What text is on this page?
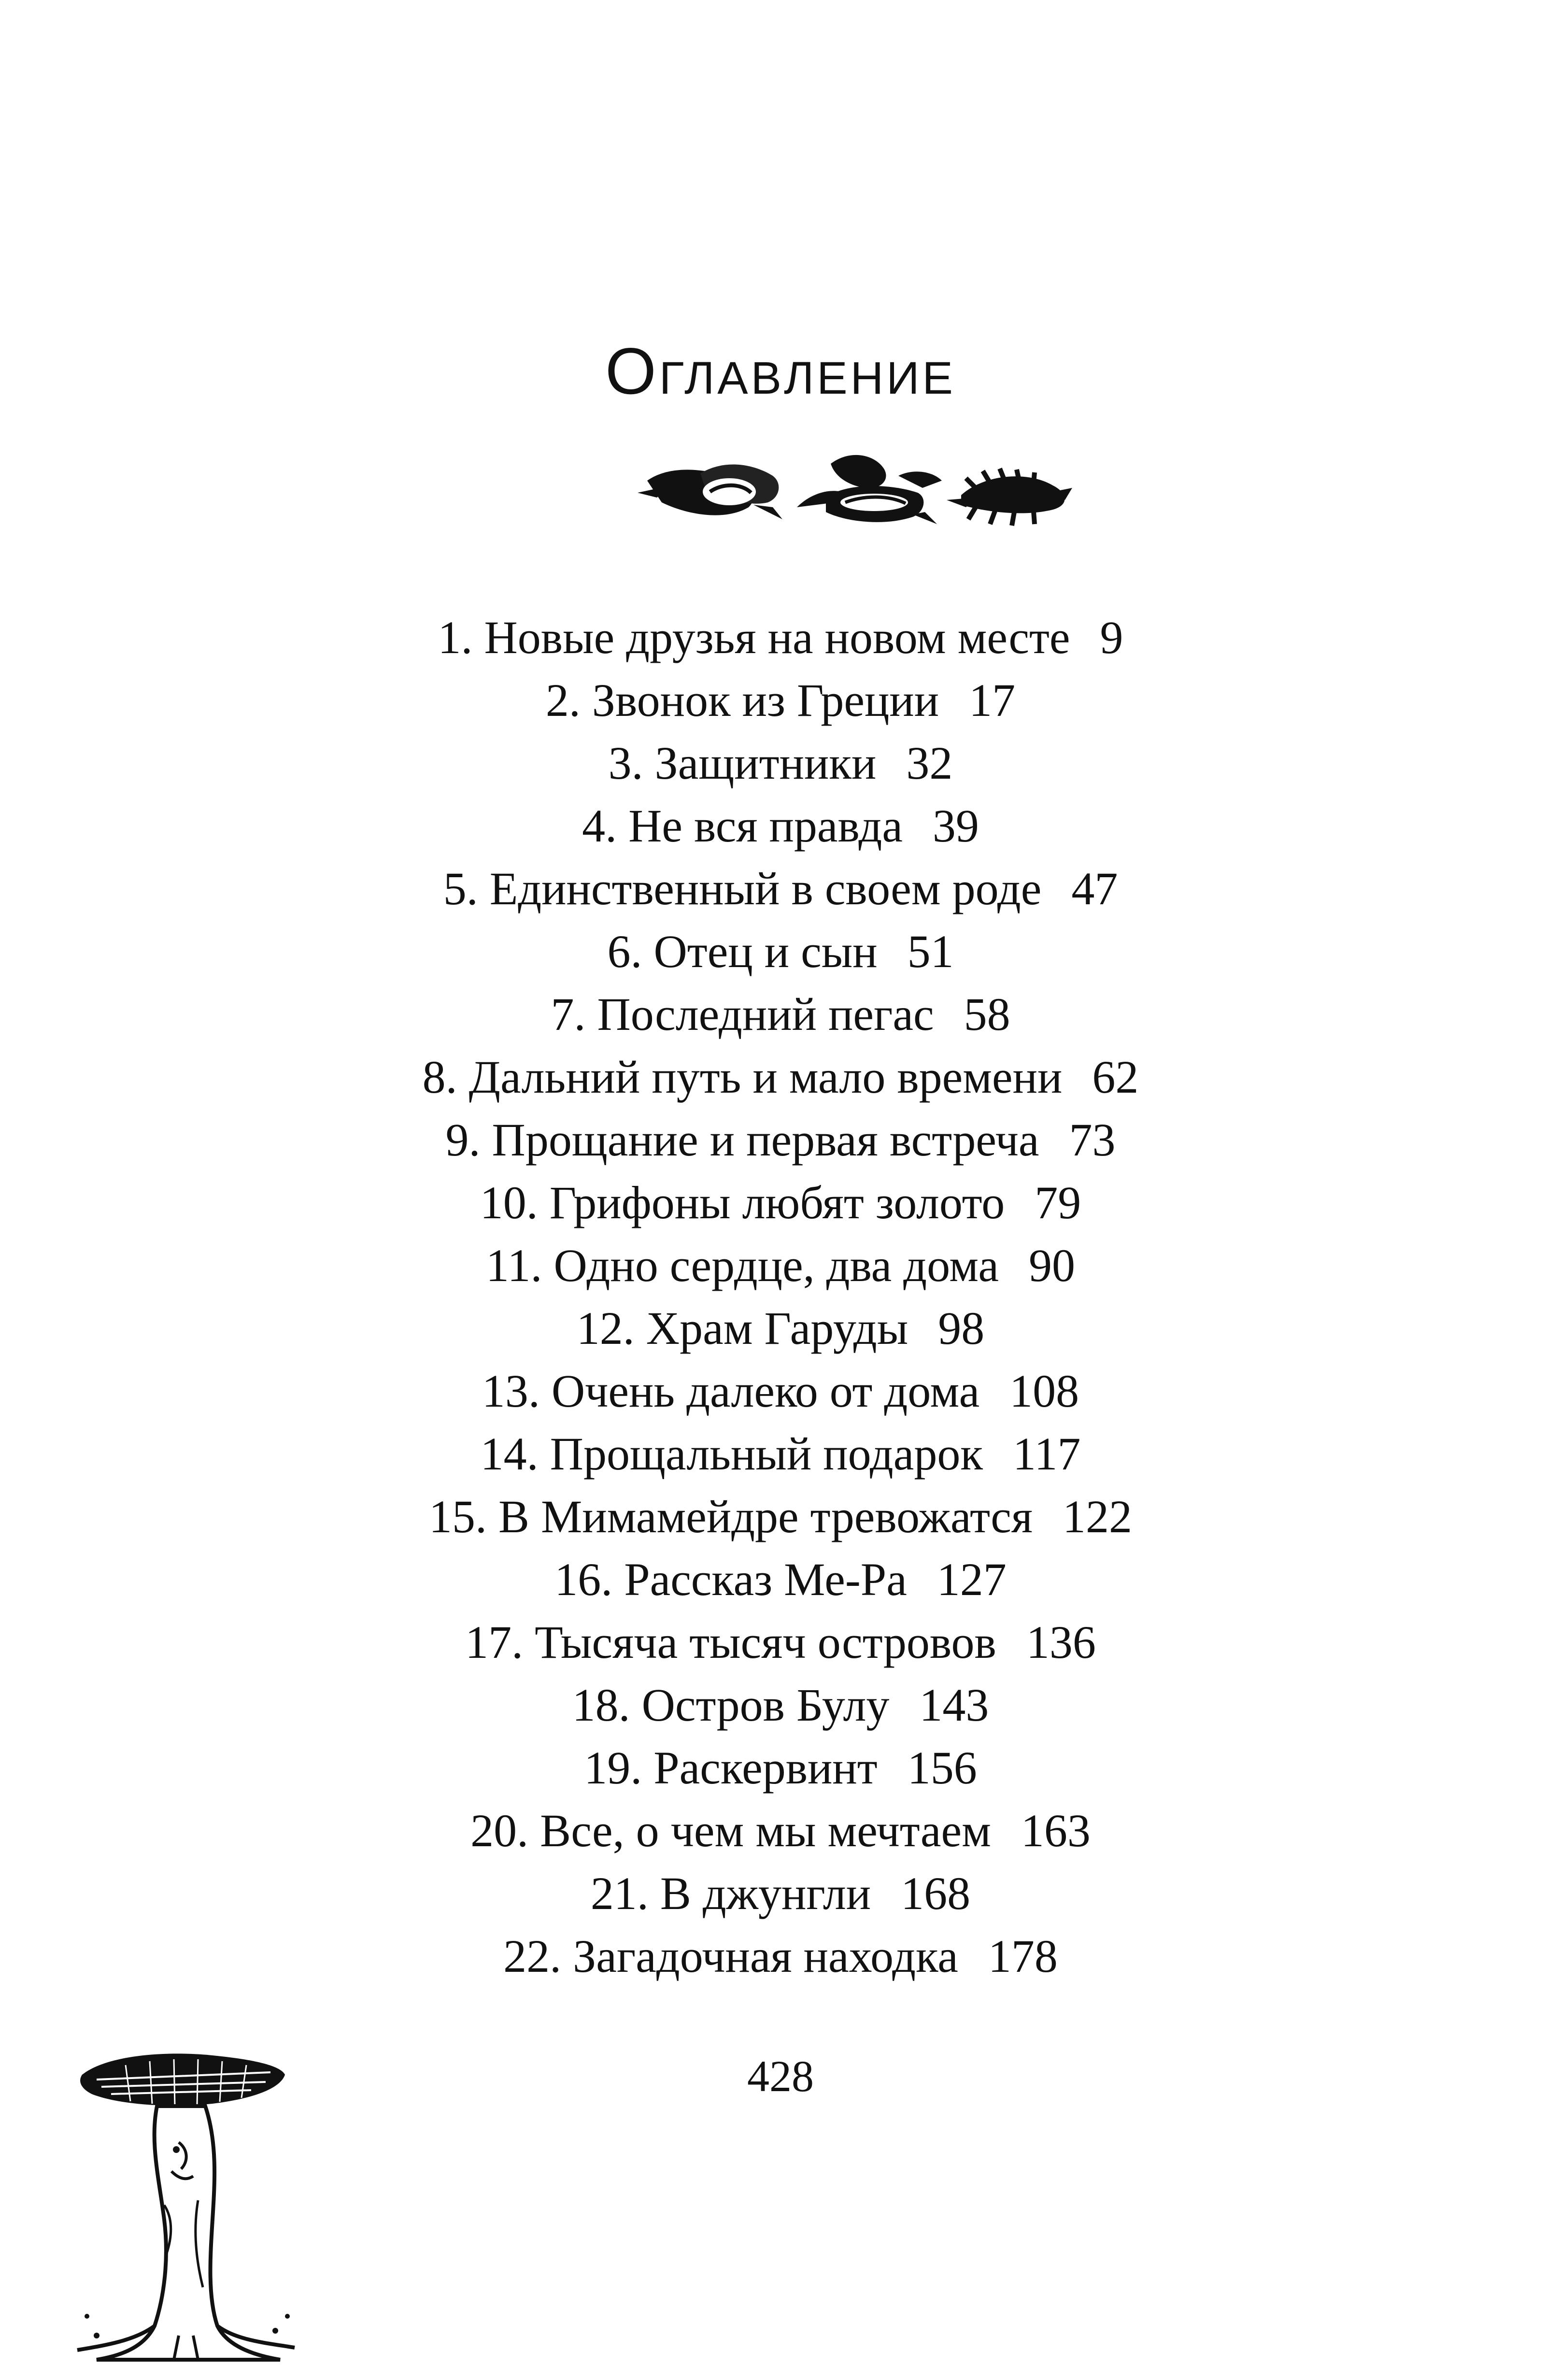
Оглавление
1. Новые друзья на новом месте 9
2. Звонок из Греции 17
3. Защитники 32
4. Не вся правда 39
5. Единственный в своем роде 47
6. Отец и сын 51
7. Последний пегас 58
8. Дальний путь и мало времени 62
9. Прощание и первая встреча 73
10. Грифоны любят золото 79
11. Одно сердце, два дома 90
12. Храм Гаруды 98
13. Очень далеко от дома 108
14. Прощальный подарок 117
15. В Мимамейдре тревожатся 122
16. Рассказ Ме-Ра 127
17. Тысяча тысяч островов 136
18. Остров Булу 143
19. Раскервинт 156
20. Все, о чем мы мечтаем 163
21. В джунгли 168
22. Загадочная находка 178
428
